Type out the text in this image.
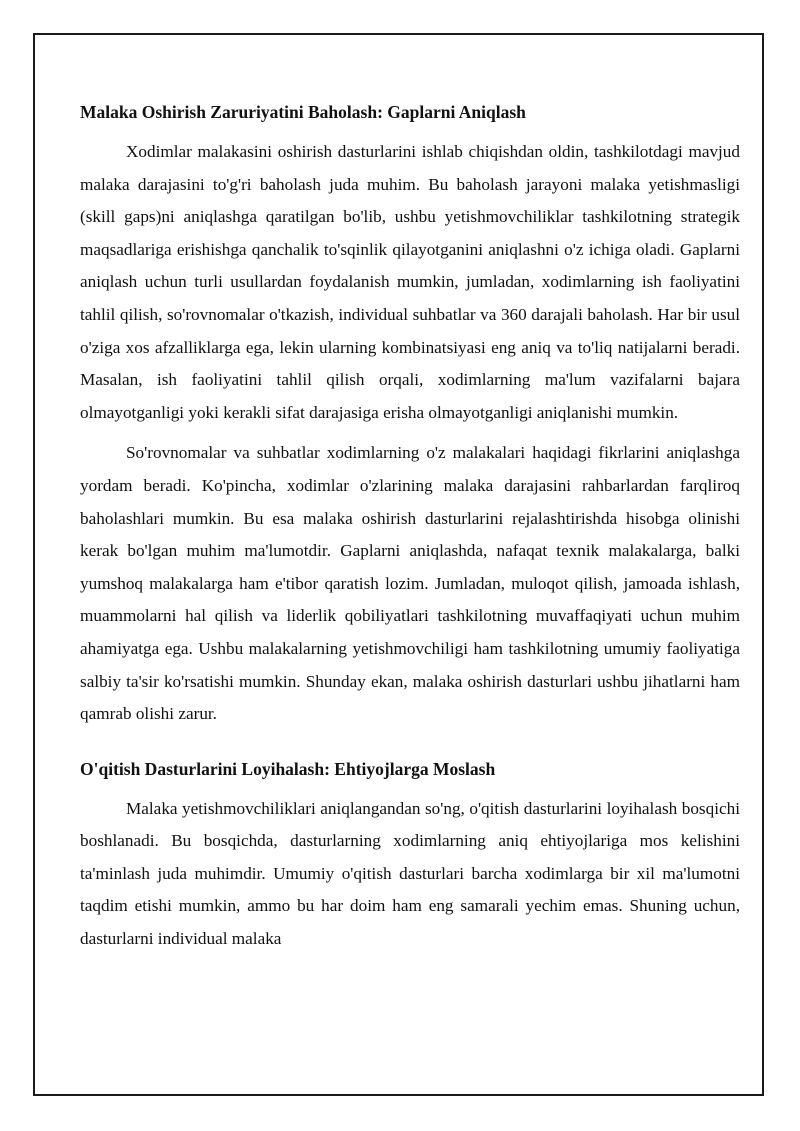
Malaka Oshirish Zaruriyatini Baholash: Gaplarni Aniqlash

Xodimlar malakasini oshirish dasturlarini ishlab chiqishdan oldin, tashkilotdagi mavjud malaka darajasini to'g'ri baholash juda muhim. Bu baholash jarayoni malaka yetishmasligi (skill gaps)ni aniqlashga qaratilgan bo'lib, ushbu yetishmovchiliklar tashkilotning strategik maqsadlariga erishishga qanchalik to'sqinlik qilayotganini aniqlashni o'z ichiga oladi. Gaplarni aniqlash uchun turli usullardan foydalanish mumkin, jumladan, xodimlarning ish faoliyatini tahlil qilish, so'rovnomalar o'tkazish, individual suhbatlar va 360 darajali baholash. Har bir usul o'ziga xos afzalliklarga ega, lekin ularning kombinatsiyasi eng aniq va to'liq natijalarni beradi. Masalan, ish faoliyatini tahlil qilish orqali, xodimlarning ma'lum vazifalarni bajara olmayotganligi yoki kerakli sifat darajasiga erisha olmayotganligi aniqlanishi mumkin.

So'rovnomalar va suhbatlar xodimlarning o'z malakalari haqidagi fikrlarini aniqlashga yordam beradi. Ko'pincha, xodimlar o'zlarining malaka darajasini rahbarlardan farqliroq baholashlari mumkin. Bu esa malaka oshirish dasturlarini rejalashtirishda hisobga olinishi kerak bo'lgan muhim ma'lumotdir. Gaplarni aniqlashda, nafaqat texnik malakalarga, balki yumshoq malakalarga ham e'tibor qaratish lozim. Jumladan, muloqot qilish, jamoada ishlash, muammolarni hal qilish va liderlik qobiliyatlari tashkilotning muvaffaqiyati uchun muhim ahamiyatga ega. Ushbu malakalarning yetishmovchiligi ham tashkilotning umumiy faoliyatiga salbiy ta'sir ko'rsatishi mumkin. Shunday ekan, malaka oshirish dasturlari ushbu jihatlarni ham qamrab olishi zarur.

O'qitish Dasturlarini Loyihalash: Ehtiyojlarga Moslash

Malaka yetishmovchiliklari aniqlangandan so'ng, o'qitish dasturlarini loyihalash bosqichi boshlanadi. Bu bosqichda, dasturlarning xodimlarning aniq ehtiyojlariga mos kelishini ta'minlash juda muhimdir. Umumiy o'qitish dasturlari barcha xodimlarga bir xil ma'lumotni taqdim etishi mumkin, ammo bu har doim ham eng samarali yechim emas. Shuning uchun, dasturlarni individual malaka
